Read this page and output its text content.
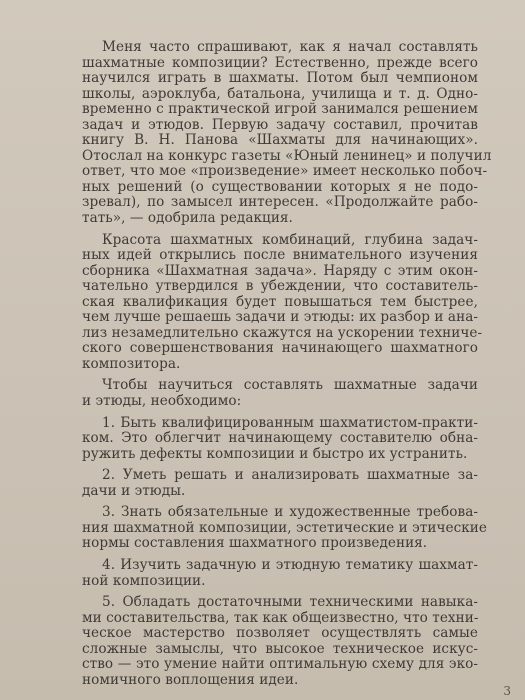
Меня часто спрашивают, как я начал составлять
шахматные композиции? Естественно, прежде всего
научился играть в шахматы. Потом был чемпионом
школы, аэроклуба, батальона, училища и т. д. Одно-
временно с практической игрой занимался решением
задач и этюдов. Первую задачу составил, прочитав
книгу В. Н. Панова «Шахматы для начинающих».
Отослал на конкурс газеты «Юный ленинец» и получил
ответ, что мое «произведение» имеет несколько побоч-
ных решений (о существовании которых я не подо-
зревал), по замысел интересен. «Продолжайте рабо-
тать», — одобрила редакция.

Красота шахматных комбинаций, глубина задач-
ных идей открылись после внимательного изучения
сборника «Шахматная задача». Наряду с этим окон-
чательно утвердился в убеждении, что составитель-
ская квалификация будет повышаться тем быстрее,
чем лучше решаешь задачи и этюды: их разбор и ана-
лиз незамедлительно скажутся на ускорении техниче-
ского совершенствования начинающего шахматного
композитора.

Чтобы научиться составлять шахматные задачи
и этюды, необходимо:

1. Быть квалифицированным шахматистом-практи-
ком. Это облегчит начинающему составителю обна-
ружить дефекты композиции и быстро их устранить.

2. Уметь решать и анализировать шахматные за-
дачи и этюды.

3. Знать обязательные и художественные требова-
ния шахматной композиции, эстетические и этические
нормы составления шахматного произведения.

4. Изучить задачную и этюдную тематику шахмат-
ной композиции.

5. Обладать достаточными техническими навыка-
ми составительства, так как общеизвестно, что техни-
ческое мастерство позволяет осуществлять самые
сложные замыслы, что высокое техническое искус-
ство — это умение найти оптимальную схему для эко-
номичного воплощения идеи.

3
